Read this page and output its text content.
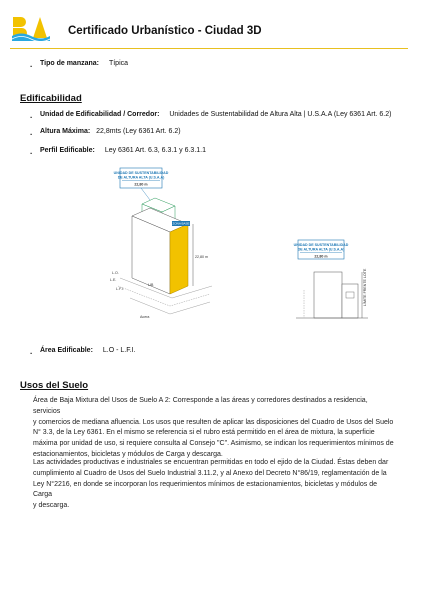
Certificado Urbanístico - Ciudad 3D
. Tipo de manzana: Típica
Edificabilidad
. Unidad de Edificabilidad / Corredor: Unidades de Sustentabilidad de Altura Alta | U.S.A.A (Ley 6361 Art. 6.2)
. Altura Máxima: 22,8mts (Ley 6361 Art. 6.2)
. Perfil Edificable: Ley 6361 Art. 6.3, 6.3.1 y 6.3.1.1
UNIDAD DE SUSTENTABILIDAD
DE ALTURA ALTA (U.S.A.A)
22,80 m
ZONA BASE
22,80 m
L.O.
L.E.
L.F.I.
LIB
Acera
UNIDAD DE SUSTENTABILIDAD
DE ALTURA ALTA (U.S.A.A)
22,80 m
LÍMITE FRENTE LOTE
. Área Edificable: L.O - L.F.I.
Usos del Suelo
Área de Baja Mixtura del Usos de Suelo A 2: Corresponde a las áreas y corredores destinados a residencia, servicios
y comercios de mediana afluencia. Los usos que resulten de aplicar las disposiciones del Cuadro de Usos del Suelo
N° 3.3, de la Ley 6361. En el mismo se referencia si el rubro está permitido en el área de mixtura, la superficie
máxima por unidad de uso, si requiere consulta al Consejo "C". Asimismo, se indican los requerimientos mínimos de
estacionamientos, bicicletas y módulos de Carga y descarga.
Las actividades productivas e industriales se encuentran permitidas en todo el ejido de la Ciudad. Éstas deben dar
cumplimiento al Cuadro de Usos del Suelo Industrial 3.11.2, y al Anexo del Decreto N°86/19, reglamentación de la
Ley N°2216, en donde se incorporan los requerimientos mínimos de estacionamientos, bicicletas y módulos de Carga
y descarga.
